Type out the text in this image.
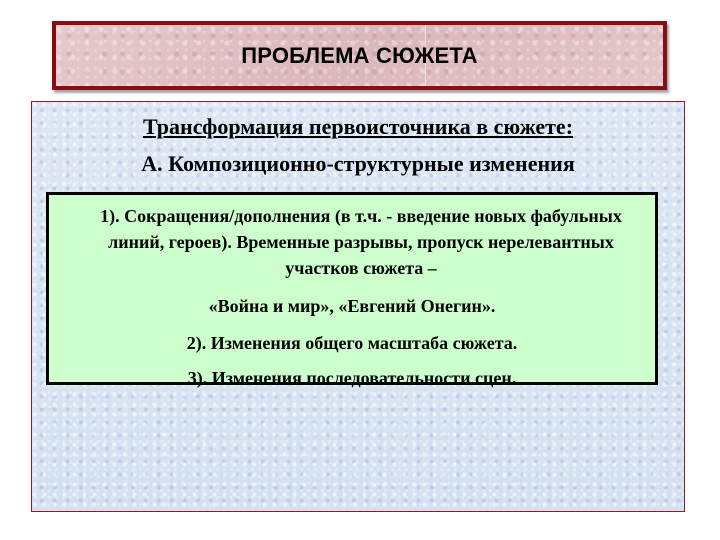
ПРОБЛЕМА СЮЖЕТА
Трансформация первоисточника в сюжете:
А. Композиционно-структурные изменения
1). Сокращения/дополнения (в т.ч. - введение новых фабульных линий, героев). Временные разрывы, пропуск нерелевантных участков сюжета –
«Война и мир», «Евгений Онегин».
2). Изменения общего масштаба сюжета.
3). Изменения последовательности сцен.
